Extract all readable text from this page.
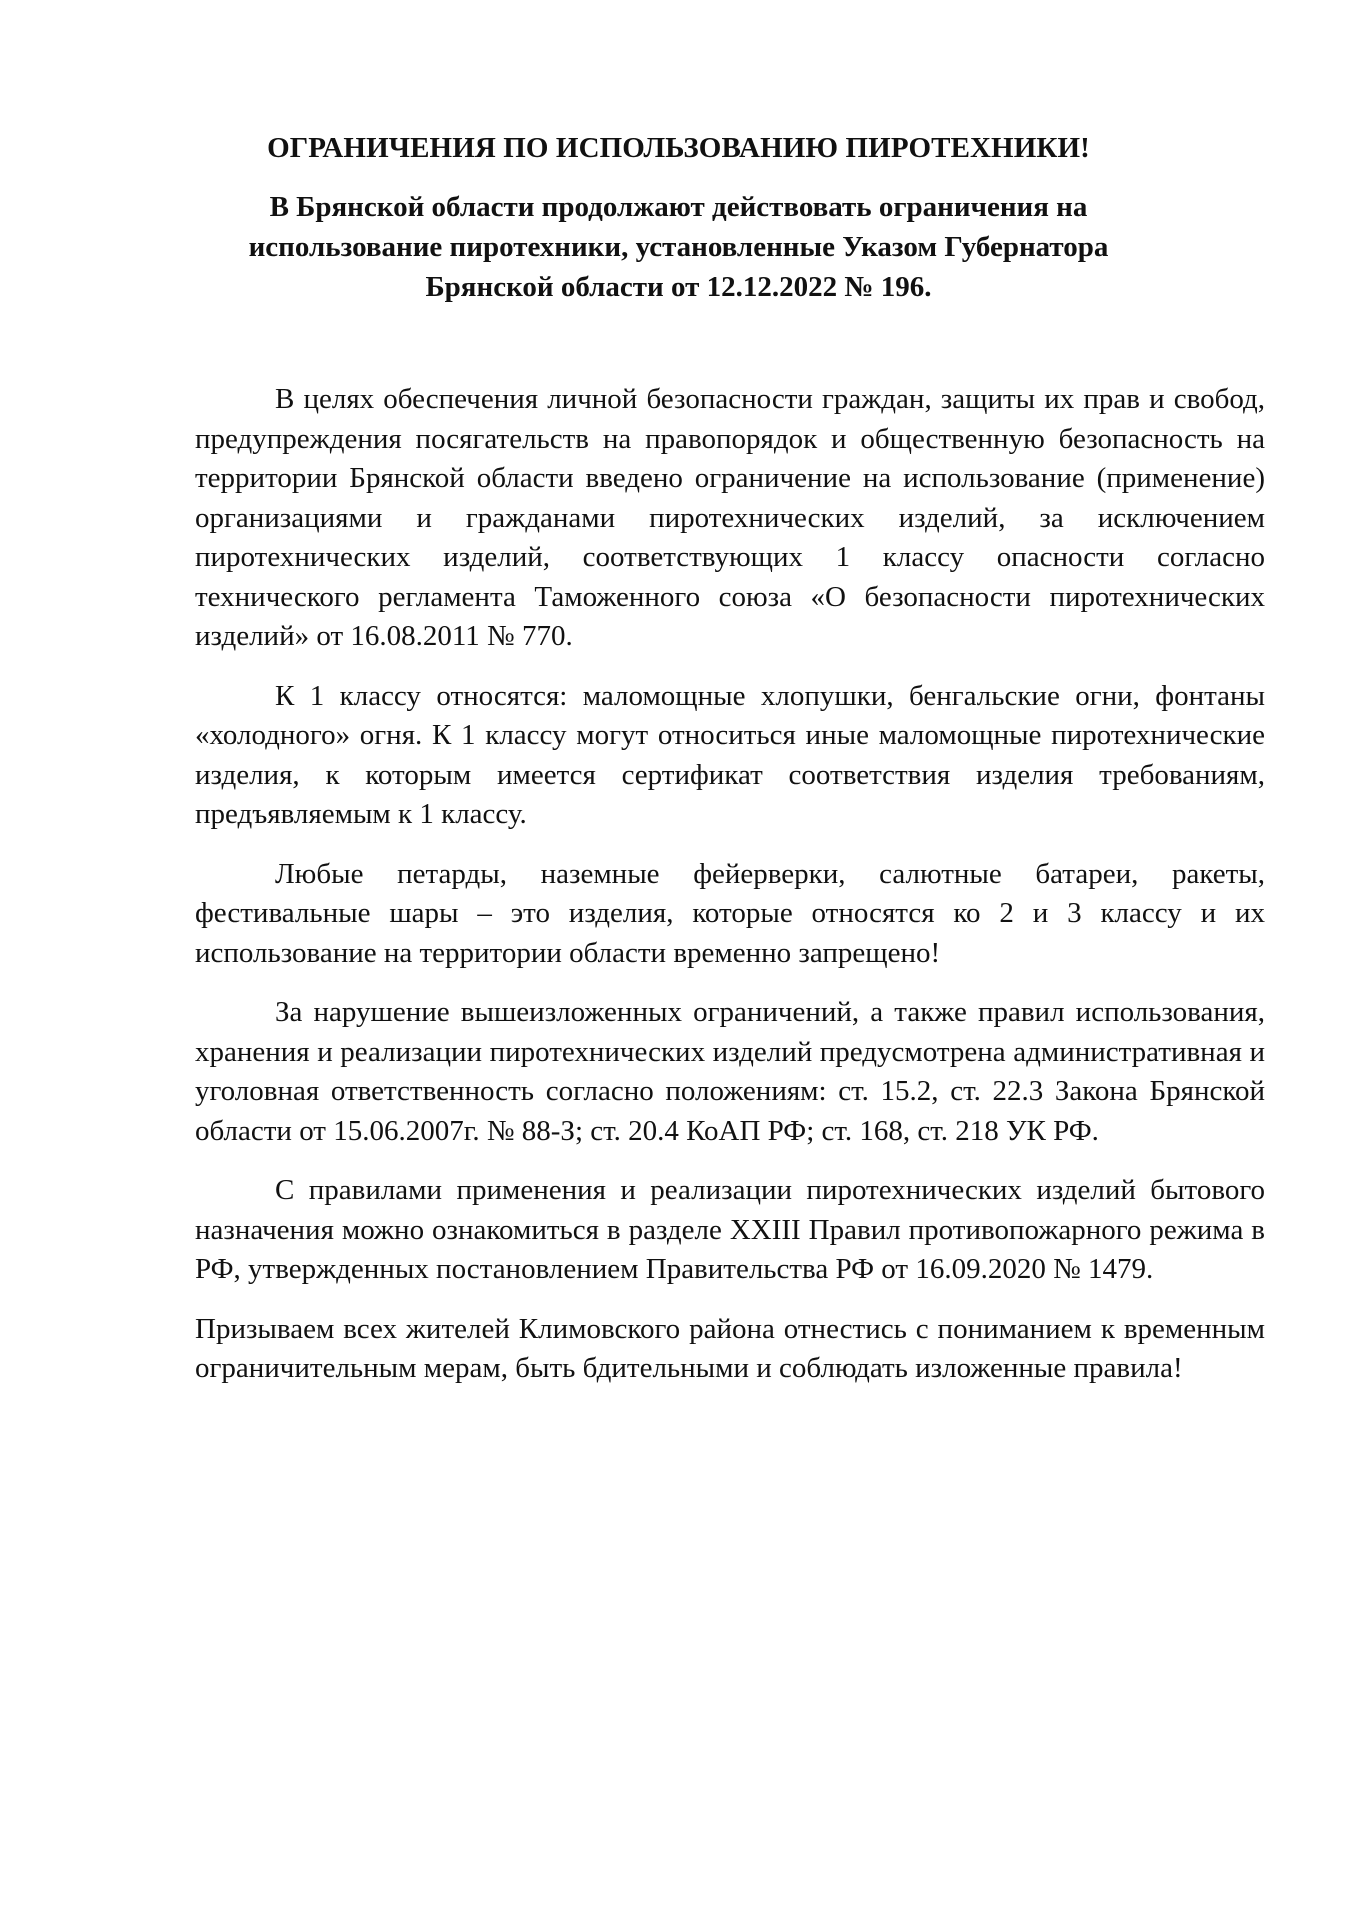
ОГРАНИЧЕНИЯ ПО ИСПОЛЬЗОВАНИЮ ПИРОТЕХНИКИ!
В Брянской области продолжают действовать ограничения на использование пиротехники, установленные Указом Губернатора Брянской области от 12.12.2022 № 196.

В целях обеспечения личной безопасности граждан, защиты их прав и свобод, предупреждения посягательств на правопорядок и общественную безопасность на территории Брянской области введено ограничение на использование (применение) организациями и гражданами пиротехнических изделий, за исключением пиротехнических изделий, соответствующих 1 классу опасности согласно технического регламента Таможенного союза «О безопасности пиротехнических изделий» от 16.08.2011 № 770.

К 1 классу относятся: маломощные хлопушки, бенгальские огни, фонтаны «холодного» огня. К 1 классу могут относиться иные маломощные пиротехнические изделия, к которым имеется сертификат соответствия изделия требованиям, предъявляемым к 1 классу.

Любые петарды, наземные фейерверки, салютные батареи, ракеты, фестивальные шары – это изделия, которые относятся ко 2 и 3 классу и их использование на территории области временно запрещено!

За нарушение вышеизложенных ограничений, а также правил использования, хранения и реализации пиротехнических изделий предусмотрена административная и уголовная ответственность согласно положениям: ст. 15.2, ст. 22.3 Закона Брянской области от 15.06.2007г. № 88-З; ст. 20.4 КоАП РФ; ст. 168, ст. 218 УК РФ.

С правилами применения и реализации пиротехнических изделий бытового назначения можно ознакомиться в разделе XXIII Правил противопожарного режима в РФ, утвержденных постановлением Правительства РФ от 16.09.2020 № 1479.

Призываем всех жителей Климовского района отнестись с пониманием к временным ограничительным мерам, быть бдительными и соблюдать изложенные правила!
